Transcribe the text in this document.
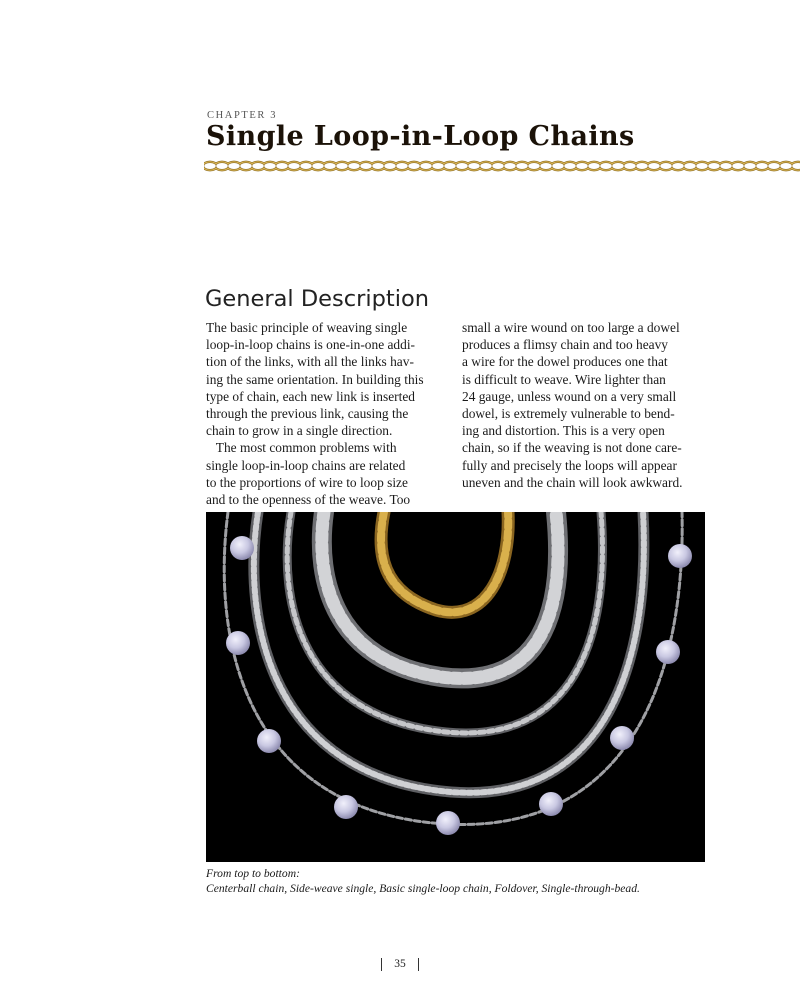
CHAPTER 3
Single Loop-in-Loop Chains
General Description
The basic principle of weaving single
loop-in-loop chains is one-in-one addi-
tion of the links, with all the links hav-
ing the same orientation. In building this
type of chain, each new link is inserted
through the previous link, causing the
chain to grow in a single direction.
The most common problems with
single loop-in-loop chains are related
to the proportions of wire to loop size
and to the openness of the weave. Too
small a wire wound on too large a dowel
produces a flimsy chain and too heavy
a wire for the dowel produces one that
is difficult to weave. Wire lighter than
24 gauge, unless wound on a very small
dowel, is extremely vulnerable to bend-
ing and distortion. This is a very open
chain, so if the weaving is not done care-
fully and precisely the loops will appear
uneven and the chain will look awkward.
From top to bottom:
Centerball chain, Side-weave single, Basic single-loop chain, Foldover, Single-through-bead.
35
